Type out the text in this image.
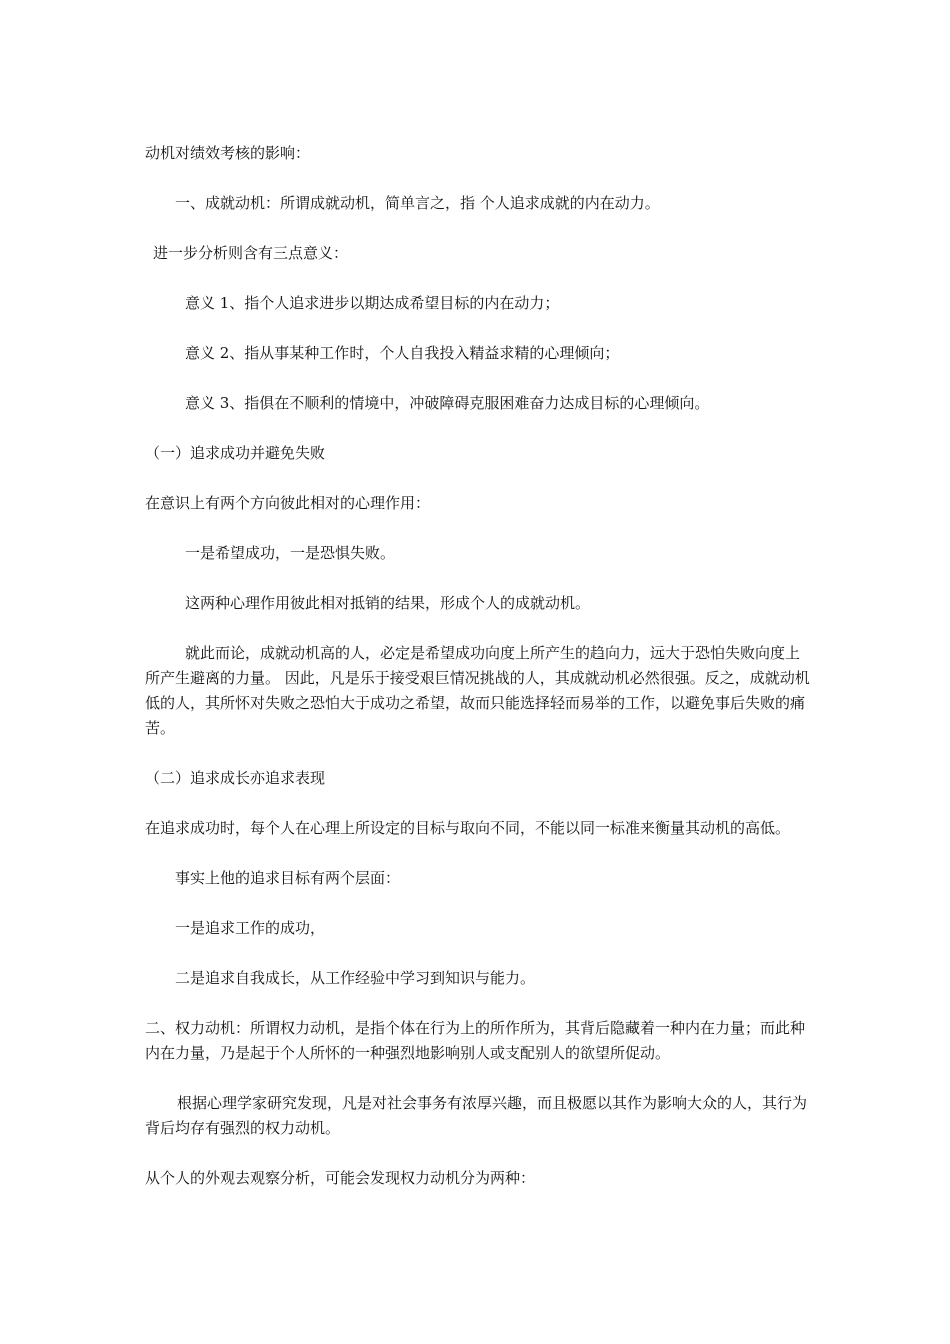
动机对绩效考核的影响：

一、成就动机：所谓成就动机，简单言之，指 个人追求成就的内在动力。

进一步分析则含有三点意义：

意义 1、指个人追求进步以期达成希望目标的内在动力；

意义 2、指从事某种工作时，个人自我投入精益求精的心理倾向；

意义 3、指俱在不顺利的情境中，冲破障碍克服困难奋力达成目标的心理倾向。

（一）追求成功并避免失败

在意识上有两个方向彼此相对的心理作用：

一是希望成功，一是恐惧失败。

这两种心理作用彼此相对抵销的结果，形成个人的成就动机。

就此而论，成就动机高的人，必定是希望成功向度上所产生的趋向力，远大于恐怕失败向度上所产生避离的力量。 因此，凡是乐于接受艰巨情况挑战的人，其成就动机必然很强。反之，成就动机低的人，其所怀对失败之恐怕大于成功之希望，故而只能选择轻而易举的工作，以避免事后失败的痛苦。

（二）追求成长亦追求表现

在追求成功时，每个人在心理上所设定的目标与取向不同，不能以同一标准来衡量其动机的高低。

事实上他的追求目标有两个层面：

一是追求工作的成功，

二是追求自我成长，从工作经验中学习到知识与能力。

二、权力动机：所谓权力动机，是指个体在行为上的所作所为，其背后隐藏着一种内在力量；而此种内在力量，乃是起于个人所怀的一种强烈地影响别人或支配别人的欲望所促动。

根据心理学家研究发现，凡是对社会事务有浓厚兴趣，而且极愿以其作为影响大众的人，其行为背后均存有强烈的权力动机。

从个人的外观去观察分析，可能会发现权力动机分为两种：
